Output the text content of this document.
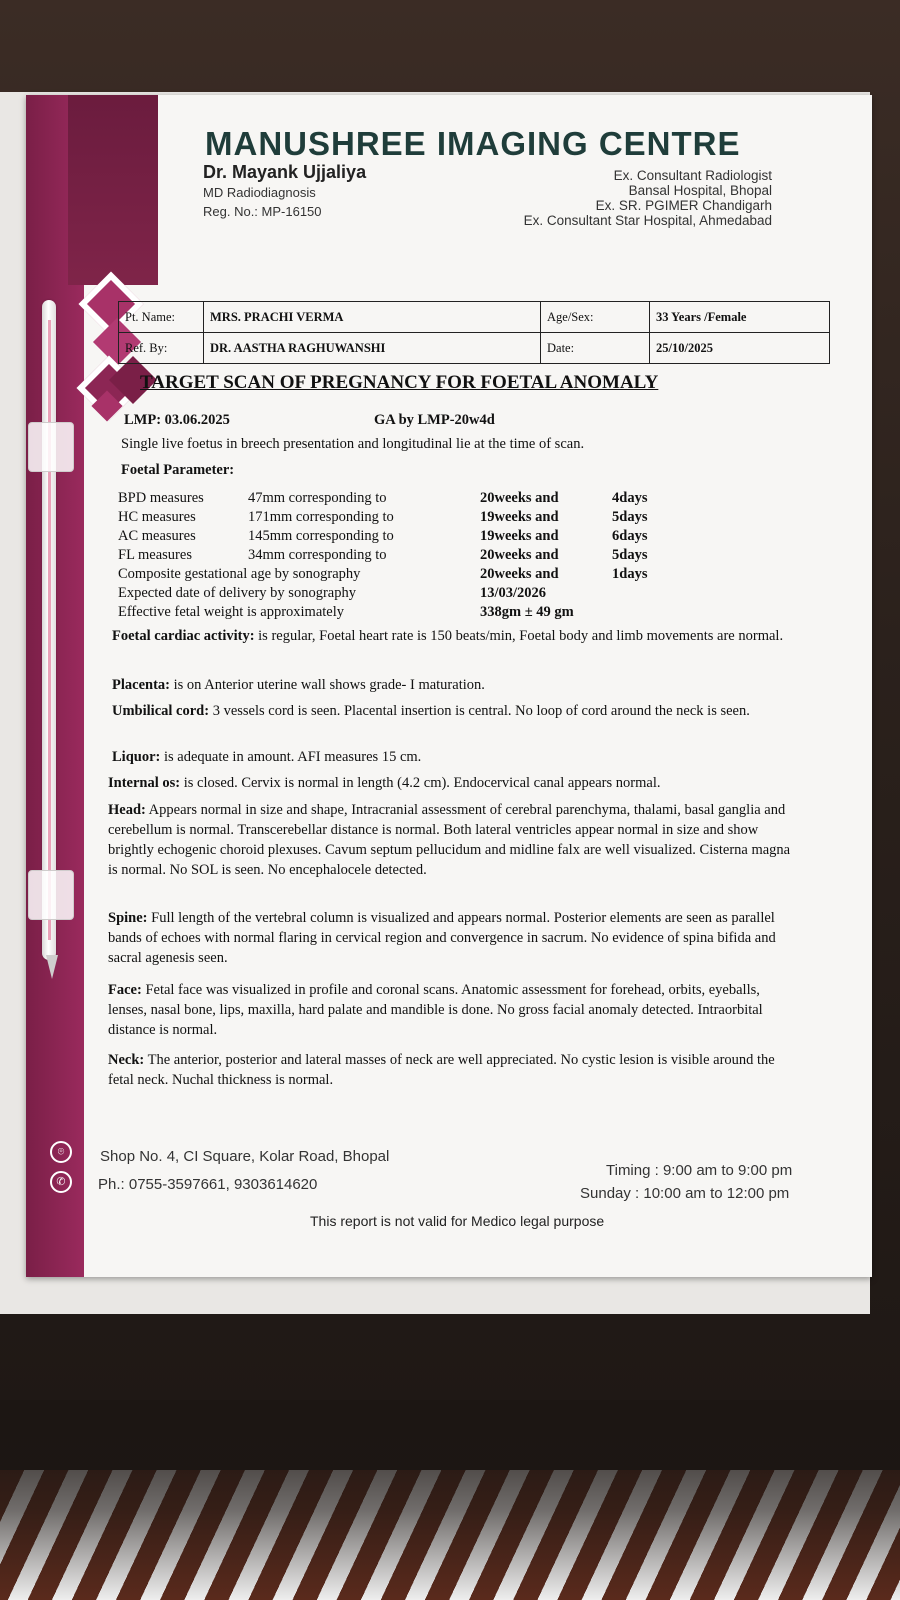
MANUSHREE IMAGING CENTRE
Dr. Mayank Ujjaliya
MD Radiodiagnosis
Reg. No.: MP-16150
Ex. Consultant Radiologist
Bansal Hospital, Bhopal
Ex. SR. PGIMER Chandigarh
Ex. Consultant Star Hospital, Ahmedabad
Pt. Name:	MRS. PRACHI VERMA	Age/Sex:	33 Years /Female
Ref. By:	DR. AASTHA RAGHUWANSHI	Date:	25/10/2025
TARGET SCAN OF PREGNANCY FOR FOETAL ANOMALY
LMP: 03.06.2025	GA by LMP-20w4d
Single live foetus in breech presentation and longitudinal lie at the time of scan.
Foetal Parameter:
BPD measures	47mm corresponding to	20weeks and	4days
HC measures	171mm corresponding to	19weeks and	5days
AC measures	145mm corresponding to	19weeks and	6days
FL measures	34mm corresponding to	20weeks and	5days
Composite gestational age by sonography	20weeks and	1days
Expected date of delivery by sonography	13/03/2026
Effective fetal weight is approximately	338gm ± 49 gm
Foetal cardiac activity: is regular, Foetal heart rate is 150 beats/min, Foetal body and limb movements are normal.
Placenta: is on Anterior uterine wall shows grade- I maturation.
Umbilical cord: 3 vessels cord is seen. Placental insertion is central. No loop of cord around the neck is seen.
Liquor: is adequate in amount. AFI measures 15 cm.
Internal os: is closed. Cervix is normal in length (4.2 cm). Endocervical canal appears normal.
Head: Appears normal in size and shape, Intracranial assessment of cerebral parenchyma, thalami, basal ganglia and cerebellum is normal. Transcerebellar distance is normal. Both lateral ventricles appear normal in size and show brightly echogenic choroid plexuses. Cavum septum pellucidum and midline falx are well visualized. Cisterna magna is normal. No SOL is seen. No encephalocele detected.
Spine: Full length of the vertebral column is visualized and appears normal. Posterior elements are seen as parallel bands of echoes with normal flaring in cervical region and convergence in sacrum. No evidence of spina bifida and sacral agenesis seen.
Face: Fetal face was visualized in profile and coronal scans. Anatomic assessment for forehead, orbits, eyeballs, lenses, nasal bone, lips, maxilla, hard palate and mandible is done. No gross facial anomaly detected. Intraorbital distance is normal.
Neck: The anterior, posterior and lateral masses of neck are well appreciated. No cystic lesion is visible around the fetal neck. Nuchal thickness is normal.
⌾
✆
Shop No. 4, CI Square, Kolar Road, Bhopal
Ph.: 0755-3597661, 9303614620
Timing : 9:00 am to 9:00 pm
Sunday : 10:00 am to 12:00 pm
This report is not valid for Medico legal purpose
